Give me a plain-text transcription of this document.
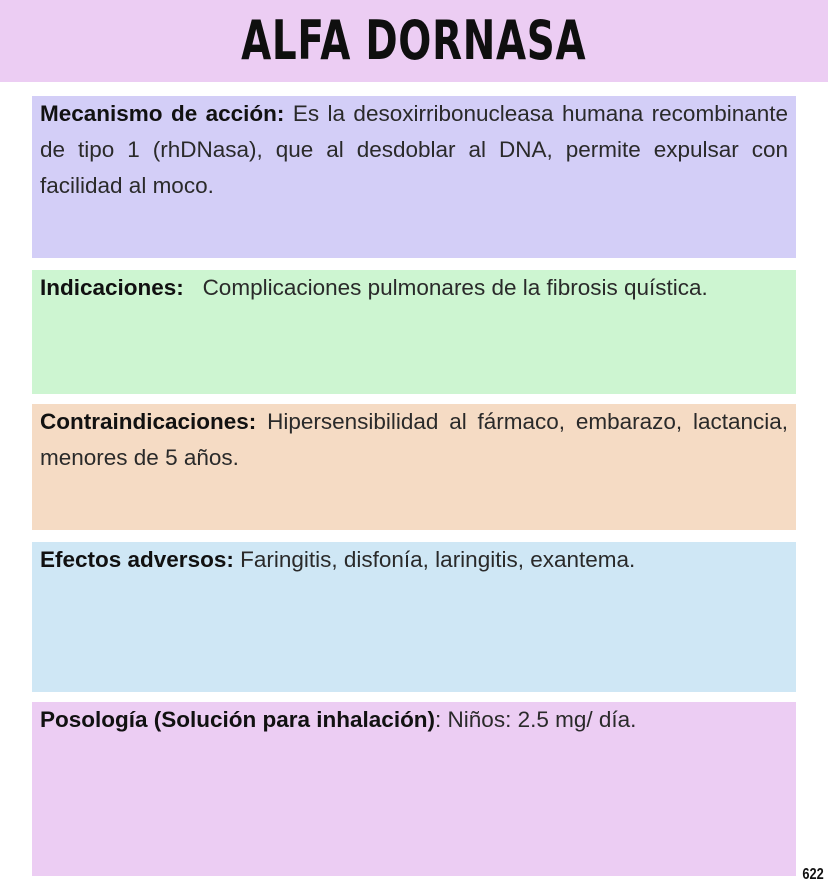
ALFA DORNASA
Mecanismo de acción: Es la desoxirribonucleasa humana recombinante de tipo 1 (rhDNasa), que al desdoblar al DNA, permite expulsar con facilidad al moco.
Indicaciones:   Complicaciones pulmonares de la fibrosis quística.
Contraindicaciones: Hipersensibilidad al fármaco, embarazo, lactancia, menores de 5 años.
Efectos adversos: Faringitis, disfonía, laringitis, exantema.
Posología (Solución para inhalación): Niños: 2.5 mg/ día.
622
